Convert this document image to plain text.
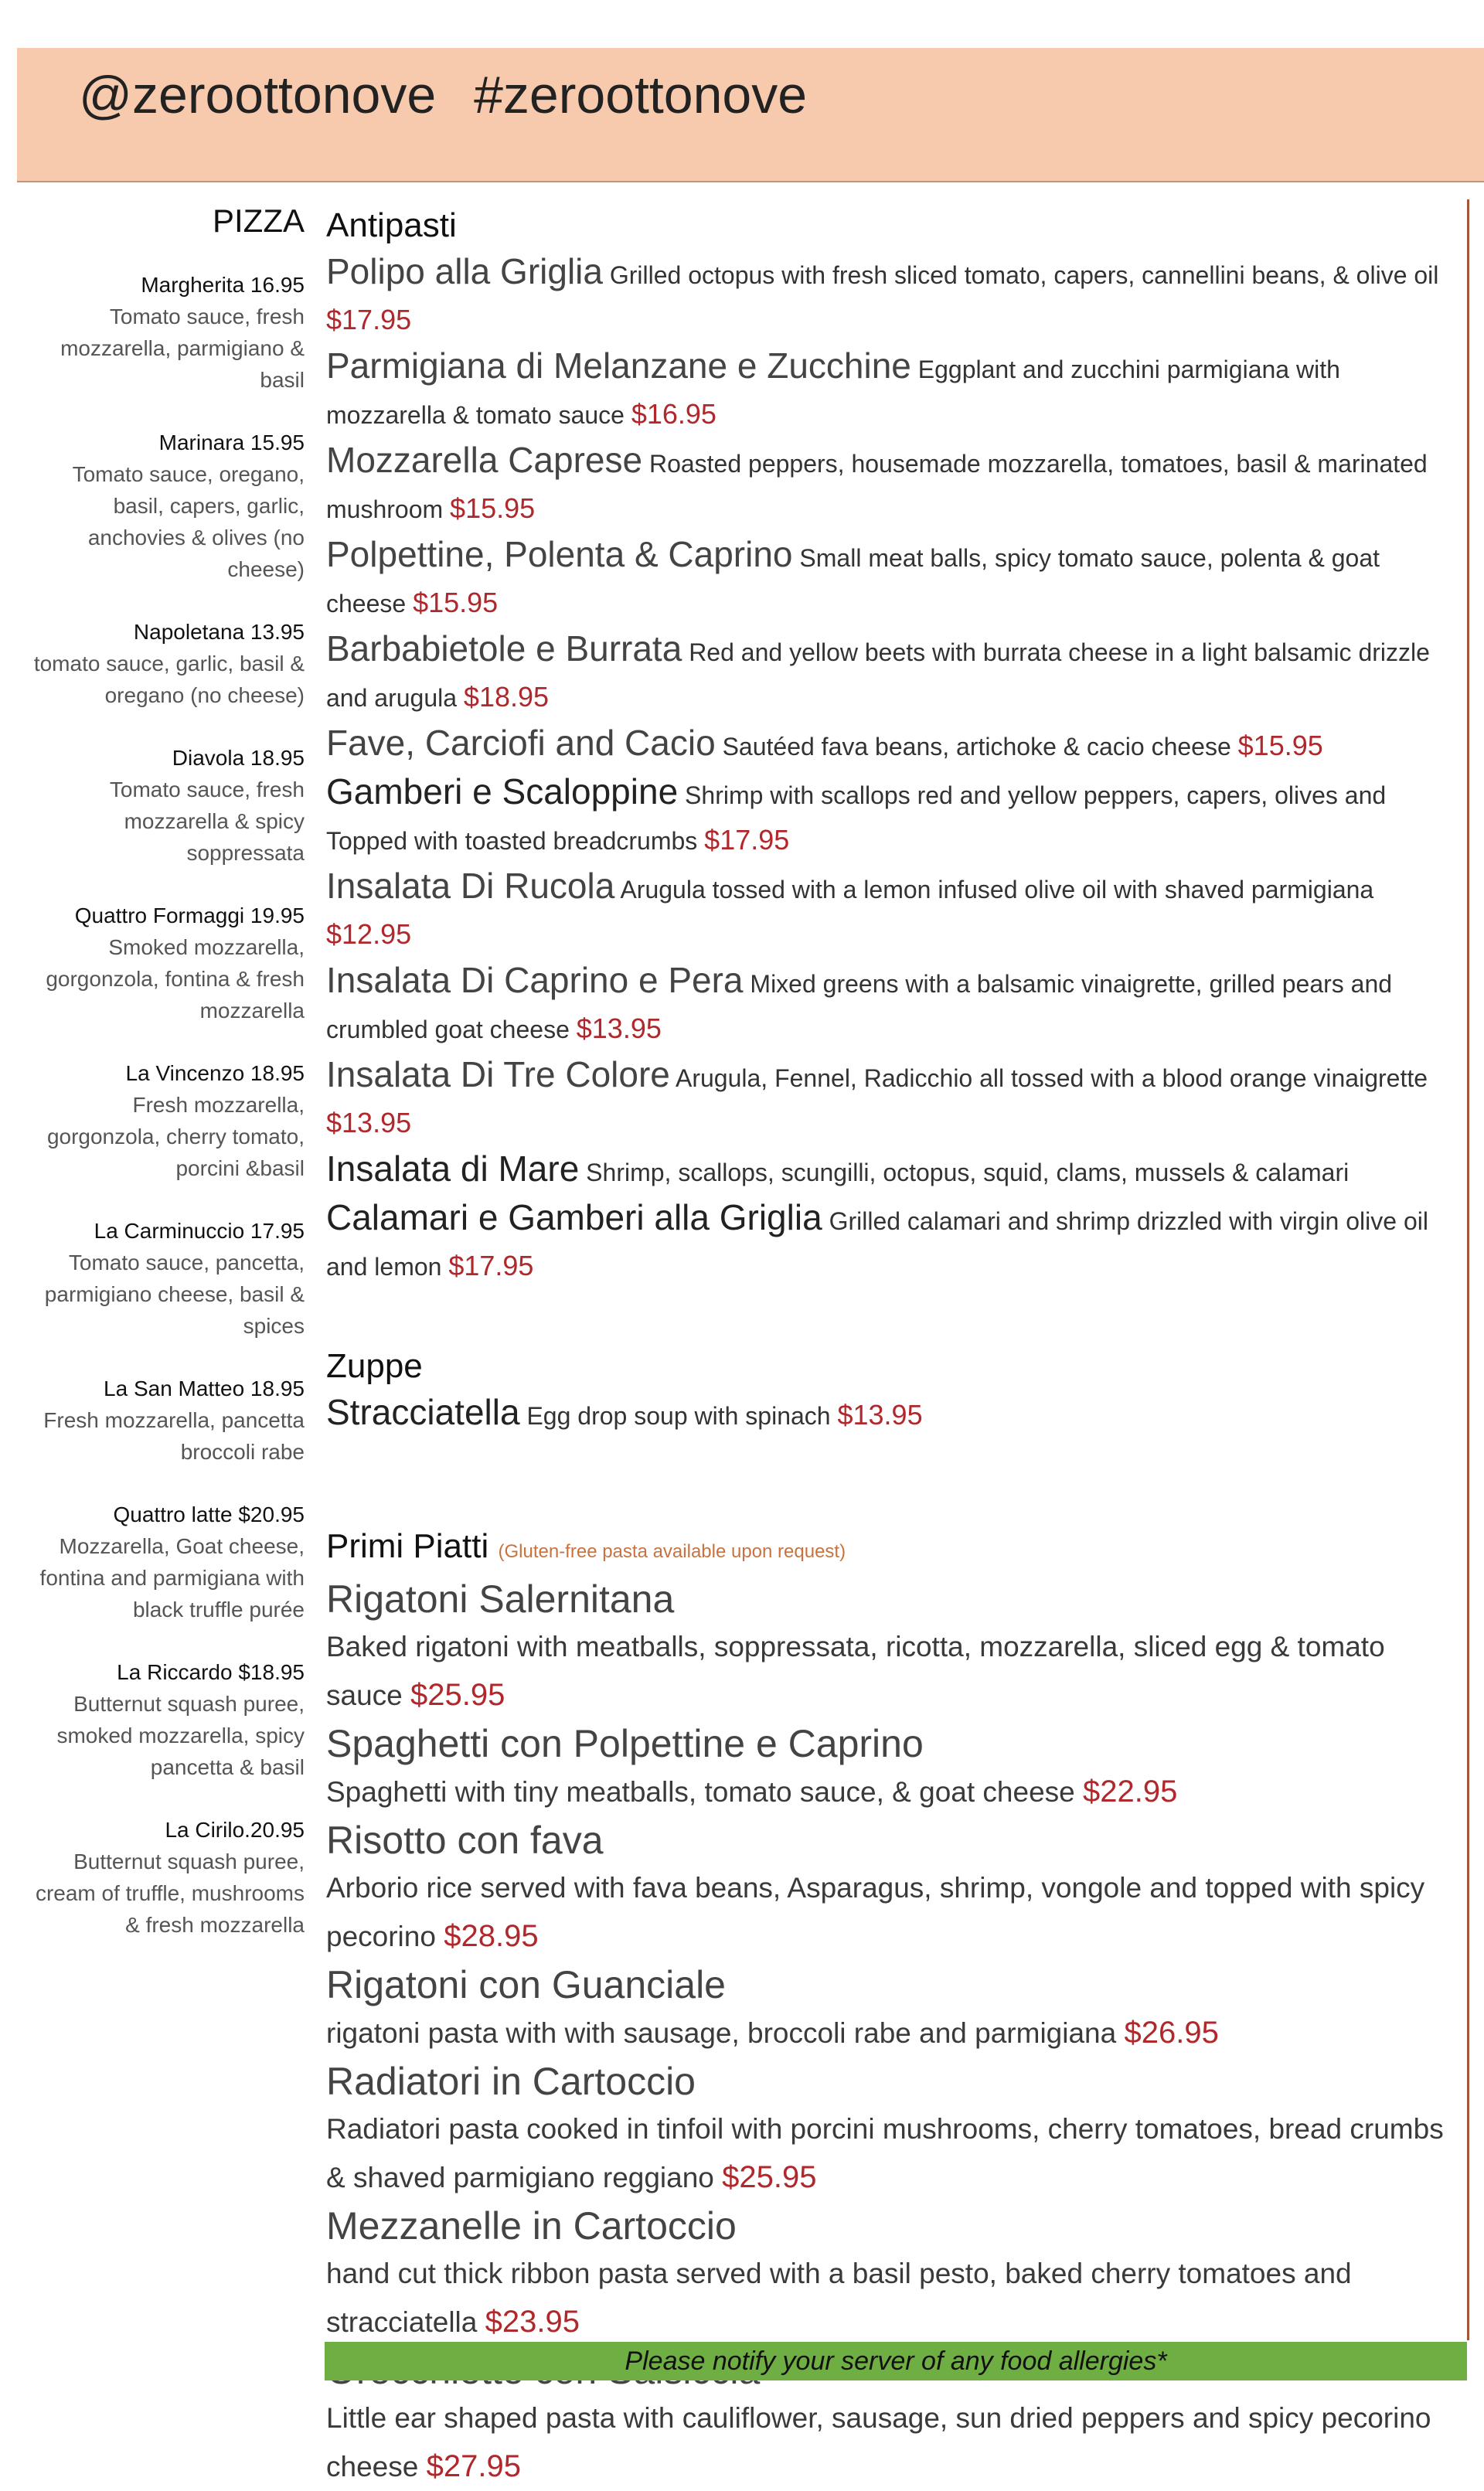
@zeroottonove #zeroottonove
PIZZA
Margherita 16.95
Tomato sauce, fresh mozzarella, parmigiano & basil
Marinara 15.95
Tomato sauce, oregano, basil, capers, garlic, anchovies & olives (no cheese)
Napoletana 13.95
tomato sauce, garlic, basil & oregano (no cheese)
Diavola 18.95
Tomato sauce, fresh mozzarella & spicy soppressata
Quattro Formaggi 19.95
Smoked mozzarella, gorgonzola, fontina & fresh mozzarella
La Vincenzo 18.95
Fresh mozzarella, gorgonzola, cherry tomato, porcini &basil
La Carminuccio 17.95
Tomato sauce, pancetta, parmigiano cheese, basil & spices
La San Matteo 18.95
Fresh mozzarella, pancetta broccoli rabe
Quattro latte $20.95
Mozzarella, Goat cheese, fontina and parmigiana with black truffle purée
La Riccardo $18.95
Butternut squash puree, smoked mozzarella, spicy pancetta & basil
La Cirilo.20.95
Butternut squash puree, cream of truffle, mushrooms & fresh mozzarella
Antipasti
Polipo alla Griglia Grilled octopus with fresh sliced tomato, capers, cannellini beans, & olive oil $17.95
Parmigiana di Melanzane e Zucchine Eggplant and zucchini parmigiana with mozzarella & tomato sauce $16.95
Mozzarella Caprese Roasted peppers, housemade mozzarella, tomatoes, basil & marinated mushroom $15.95
Polpettine, Polenta & Caprino Small meat balls, spicy tomato sauce, polenta & goat cheese $15.95
Barbabietole e Burrata Red and yellow beets with burrata cheese in a light balsamic drizzle and arugula $18.95
Fave, Carciofi and Cacio Sautéed fava beans, artichoke & cacio cheese $15.95
Gamberi e Scaloppine Shrimp with scallops red and yellow peppers, capers, olives and Topped with toasted breadcrumbs $17.95
Insalata Di Rucola Arugula tossed with a lemon infused olive oil with shaved parmigiana $12.95
Insalata Di Caprino e Pera Mixed greens with a balsamic vinaigrette, grilled pears and crumbled goat cheese $13.95
Insalata Di Tre Colore Arugula, Fennel, Radicchio all tossed with a blood orange vinaigrette $13.95
Insalata di Mare Shrimp, scallops, scungilli, octopus, squid, clams, mussels & calamari
Calamari e Gamberi alla Griglia Grilled calamari and shrimp drizzled with virgin olive oil and lemon $17.95
Zuppe
Stracciatella Egg drop soup with spinach $13.95
Primi Piatti (Gluten-free pasta available upon request)
Rigatoni Salernitana
Baked rigatoni with meatballs, soppressata, ricotta, mozzarella, sliced egg & tomato sauce $25.95
Spaghetti con Polpettine e Caprino
Spaghetti with tiny meatballs, tomato sauce, & goat cheese $22.95
Risotto con fava
Arborio rice served with fava beans, Asparagus, shrimp, vongole and topped with spicy pecorino $28.95
Rigatoni con Guanciale
rigatoni pasta with with sausage, broccoli rabe and parmigiana $26.95
Radiatori in Cartoccio
Radiatori pasta cooked in tinfoil with porcini mushrooms, cherry tomatoes, bread crumbs & shaved parmigiano reggiano $25.95
Mezzanelle in Cartoccio
hand cut thick ribbon pasta served with a basil pesto, baked cherry tomatoes and stracciatella $23.95
Little ear shaped pasta with cauliflower, sausage, sun dried peppers and spicy pecorino cheese $27.95
Please notify your server of any food allergies*
